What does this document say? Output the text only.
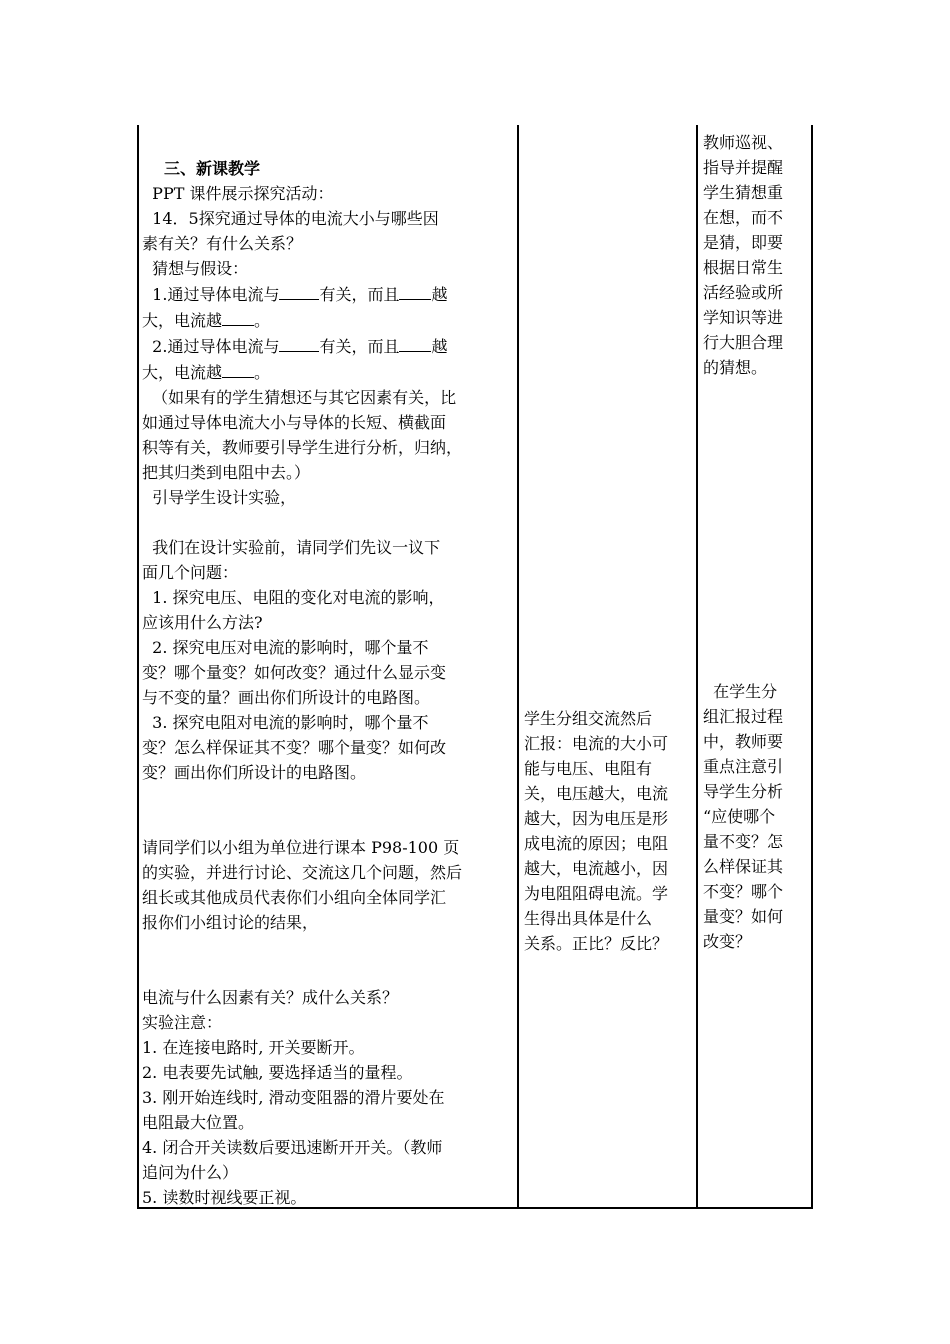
三、新课教学

PPT 课件展示探究活动：

14．5探究通过导体的电流大小与哪些因

素有关？有什么关系？

猜想与假设：

1.通过导体电流与	有关，而且 越

大，电流越 。

2.通过导体电流与	有关，而且 越

大，电流越 。

（如果有的学生猜想还与其它因素有关，比

如通过导体电流大小与导体的长短、横截面

积等有关，教师要引导学生进行分析，归纳，

把其归类到电阻中去。）

引导学生设计实验，

我们在设计实验前，请同学们先议一议下

面几个问题：

1. 探究电压、电阻的变化对电流的影响，

应该用什么方法?

2. 探究电压对电流的影响时，哪个量不

变？哪个量变？如何改变？通过什么显示变

与不变的量？画出你们所设计的电路图。

3. 探究电阻对电流的影响时，哪个量不

变？怎么样保证其不变？哪个量变？如何改

变？画出你们所设计的电路图。

请同学们以小组为单位进行课本 P98-100 页

的实验，并进行讨论、交流这几个问题，然后

组长或其他成员代表你们小组向全体同学汇

报你们小组讨论的结果，

电流与什么因素有关？成什么关系？

实验注意：

1. 在连接电路时, 开关要断开。

2. 电表要先试触, 要选择适当的量程。

3. 刚开始连线时, 滑动变阻器的滑片要处在

电阻最大位置。

4. 闭合开关读数后要迅速断开开关。（教师

追问为什么）

5. 读数时视线要正视。

学生分组交流然后

汇报：电流的大小可

能与电压、电阻有

关，电压越大，电流

越大，因为电压是形

成电流的原因；电阻

越大，电流越小，因

为电阻阻碍电流。学

生得出具体是什么

关系。正比？反比？

教师巡视、

指导并提醒

学生猜想重

在想，而不

是猜，即要

根据日常生

活经验或所

学知识等进

行大胆合理

的猜想。

在学生分

组汇报过程

中，教师要

重点注意引

导学生分析

“应使哪个

量不变？怎

么样保证其

不变？哪个

量变？如何

改变？
